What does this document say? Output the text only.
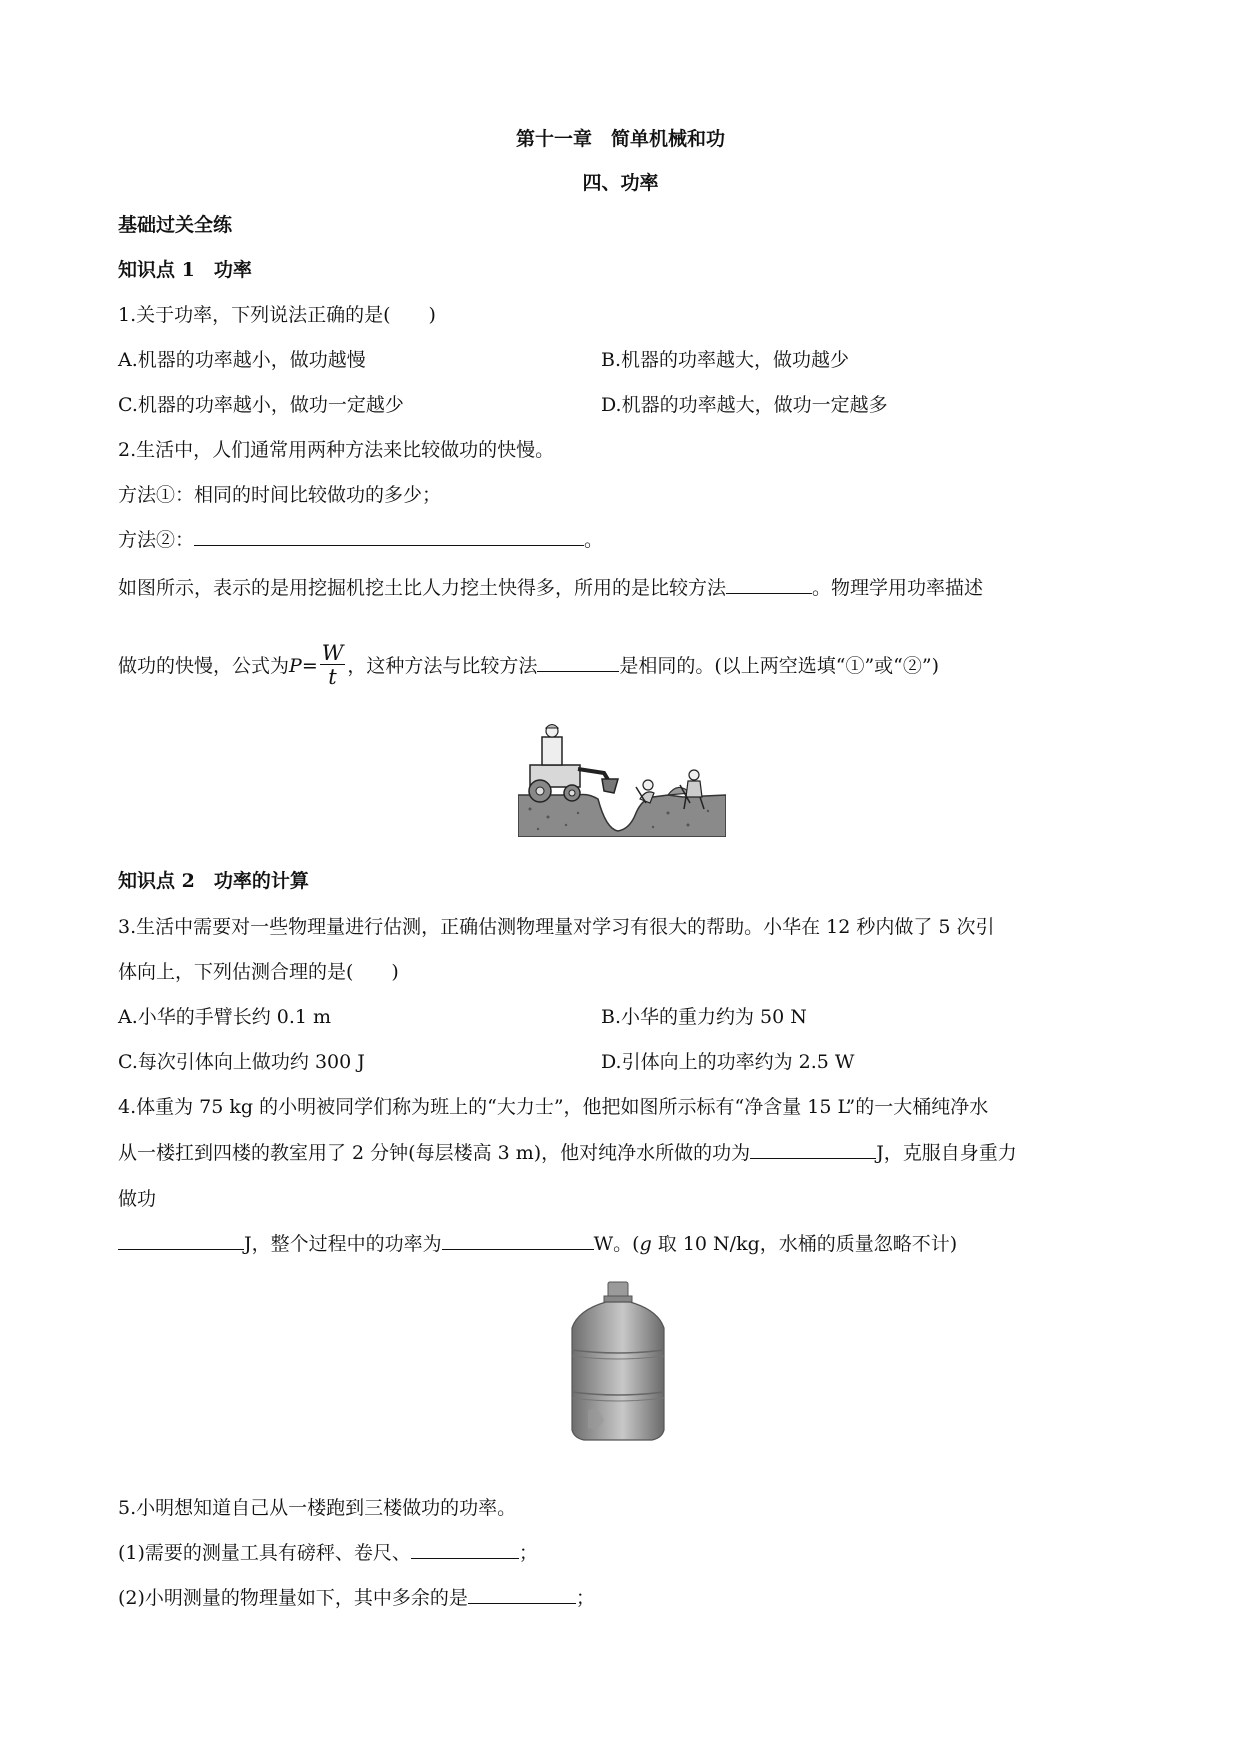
第十一章　简单机械和功
四、功率
基础过关全练
知识点 1　功率
1.关于功率，下列说法正确的是(　　)
A.机器的功率越小，做功越慢	B.机器的功率越大，做功越少
C.机器的功率越小，做功一定越少	D.机器的功率越大，做功一定越多
2.生活中，人们通常用两种方法来比较做功的快慢。
方法①：相同的时间比较做功的多少；
方法②：	。
如图所示，表示的是用挖掘机挖土比人力挖土快得多，所用的是比较方法	。物理学用功率描述
做功的快慢，公式为$P= \frac{W}{t}$ ，这种方法与比较方法	是相同的。(以上两空选填“①”或“②”)
知识点 2　功率的计算
3.生活中需要对一些物理量进行估测，正确估测物理量对学习有很大的帮助。小华在 12 秒内做了 5 次引
体向上，下列估测合理的是(　　)
A.小华的手臂长约 0.1 m	B.小华的重力约为 50 N
C.每次引体向上做功约 300 J	D.引体向上的功率约为 2.5 W
4.体重为 75 kg 的小明被同学们称为班上的“大力士”，他把如图所示标有“净含量 15 L”的一大桶纯净水
从一楼扛到四楼的教室用了 2 分钟(每层楼高 3 m)，他对纯净水所做的功为	J，克服自身重力
做功
J，整个过程中的功率为	W。(g 取 10 N/kg，水桶的质量忽略不计)
5.小明想知道自己从一楼跑到三楼做功的功率。
(1)需要的测量工具有磅秤、卷尺、	；
(2)小明测量的物理量如下，其中多余的是	；
